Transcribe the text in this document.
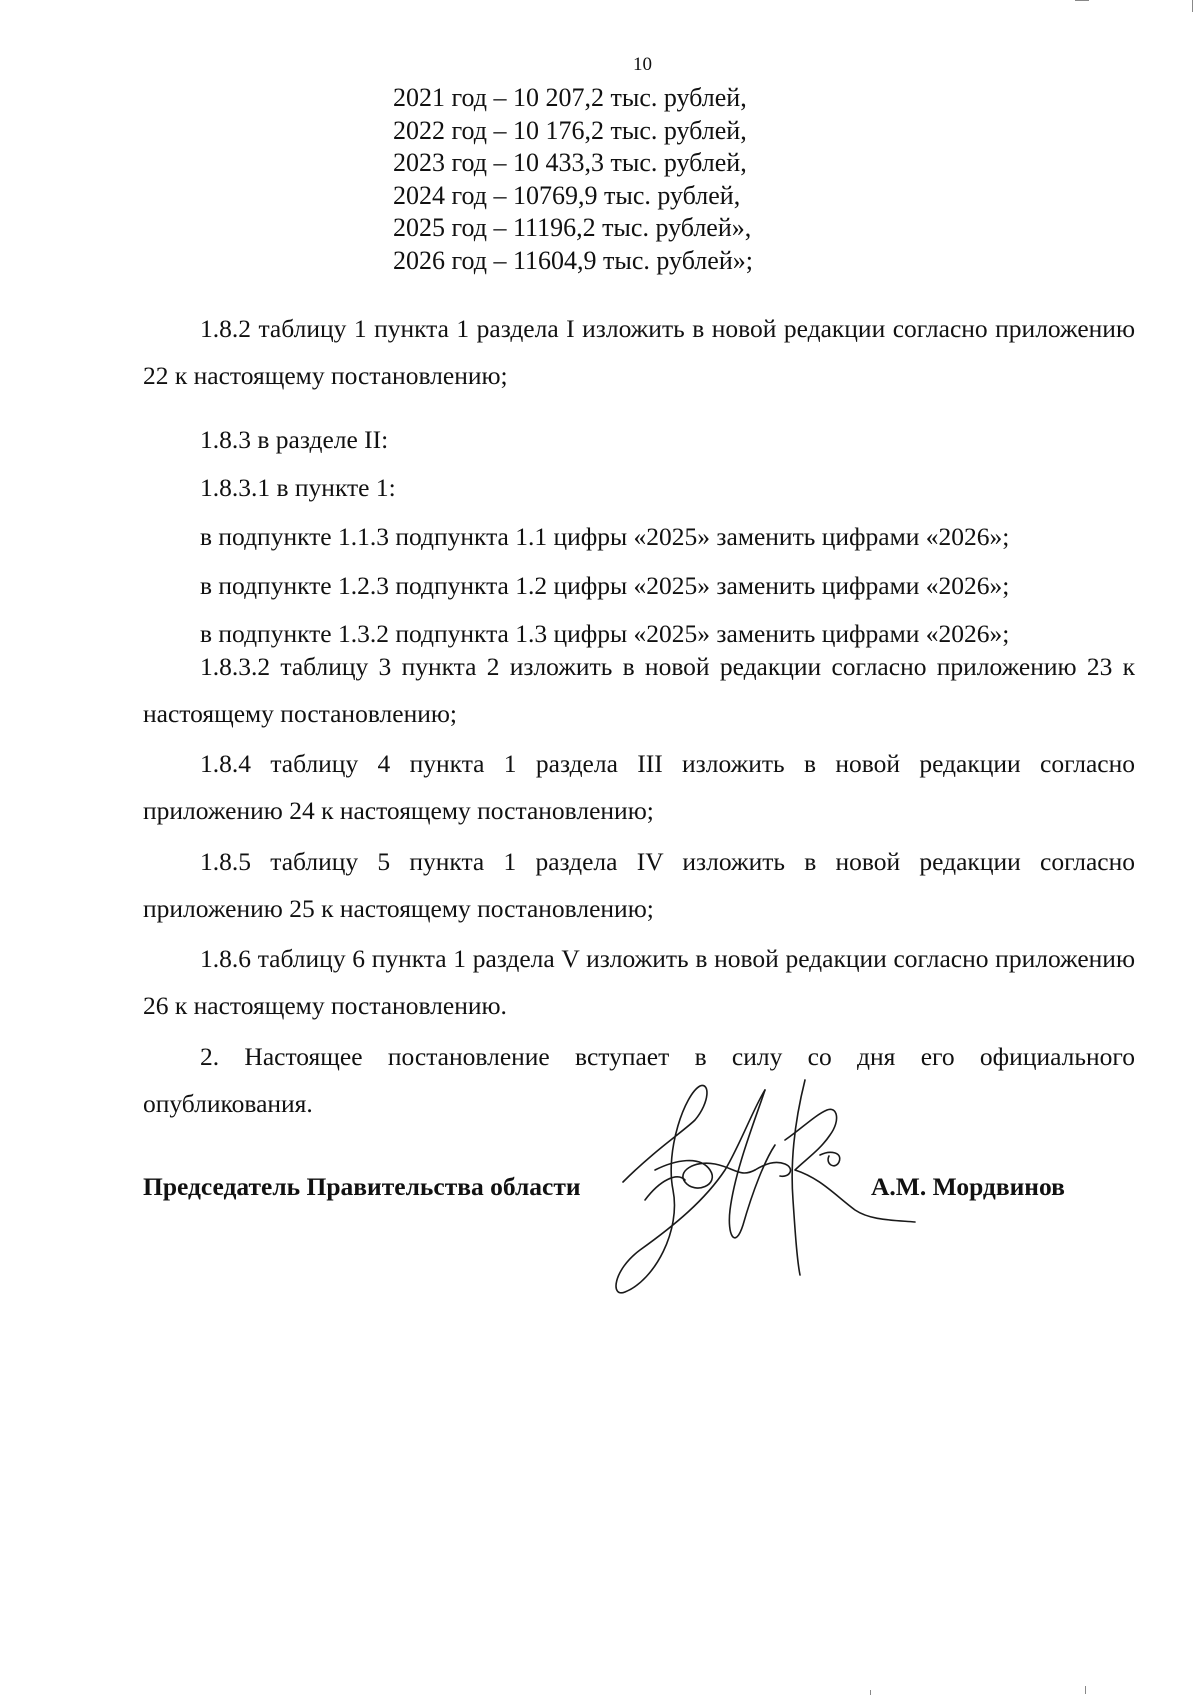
10
2021 год – 10 207,2 тыс. рублей,
2022 год – 10 176,2 тыс. рублей,
2023 год – 10 433,3 тыс. рублей,
2024 год – 10769,9 тыс. рублей,
2025 год – 11196,2 тыс. рублей»,
2026 год – 11604,9 тыс. рублей»;

1.8.2 таблицу 1 пункта 1 раздела I изложить в новой редакции согласно приложению 22 к настоящему постановлению;

1.8.3 в разделе II:

1.8.3.1 в пункте 1:

в подпункте 1.1.3 подпункта 1.1 цифры «2025» заменить цифрами «2026»;

в подпункте 1.2.3 подпункта 1.2 цифры «2025» заменить цифрами «2026»;

в подпункте 1.3.2 подпункта 1.3 цифры «2025» заменить цифрами «2026»;

1.8.3.2 таблицу 3 пункта 2 изложить в новой редакции согласно приложению 23 к настоящему постановлению;

1.8.4 таблицу 4 пункта 1 раздела III изложить в новой редакции согласно приложению 24 к настоящему постановлению;

1.8.5 таблицу 5 пункта 1 раздела IV изложить в новой редакции согласно приложению 25 к настоящему постановлению;

1.8.6 таблицу 6 пункта 1 раздела V изложить в новой редакции согласно приложению 26 к настоящему постановлению.

2. Настоящее постановление вступает в силу со дня его официального опубликования.

Председатель Правительства области	А.М. Мордвинов
